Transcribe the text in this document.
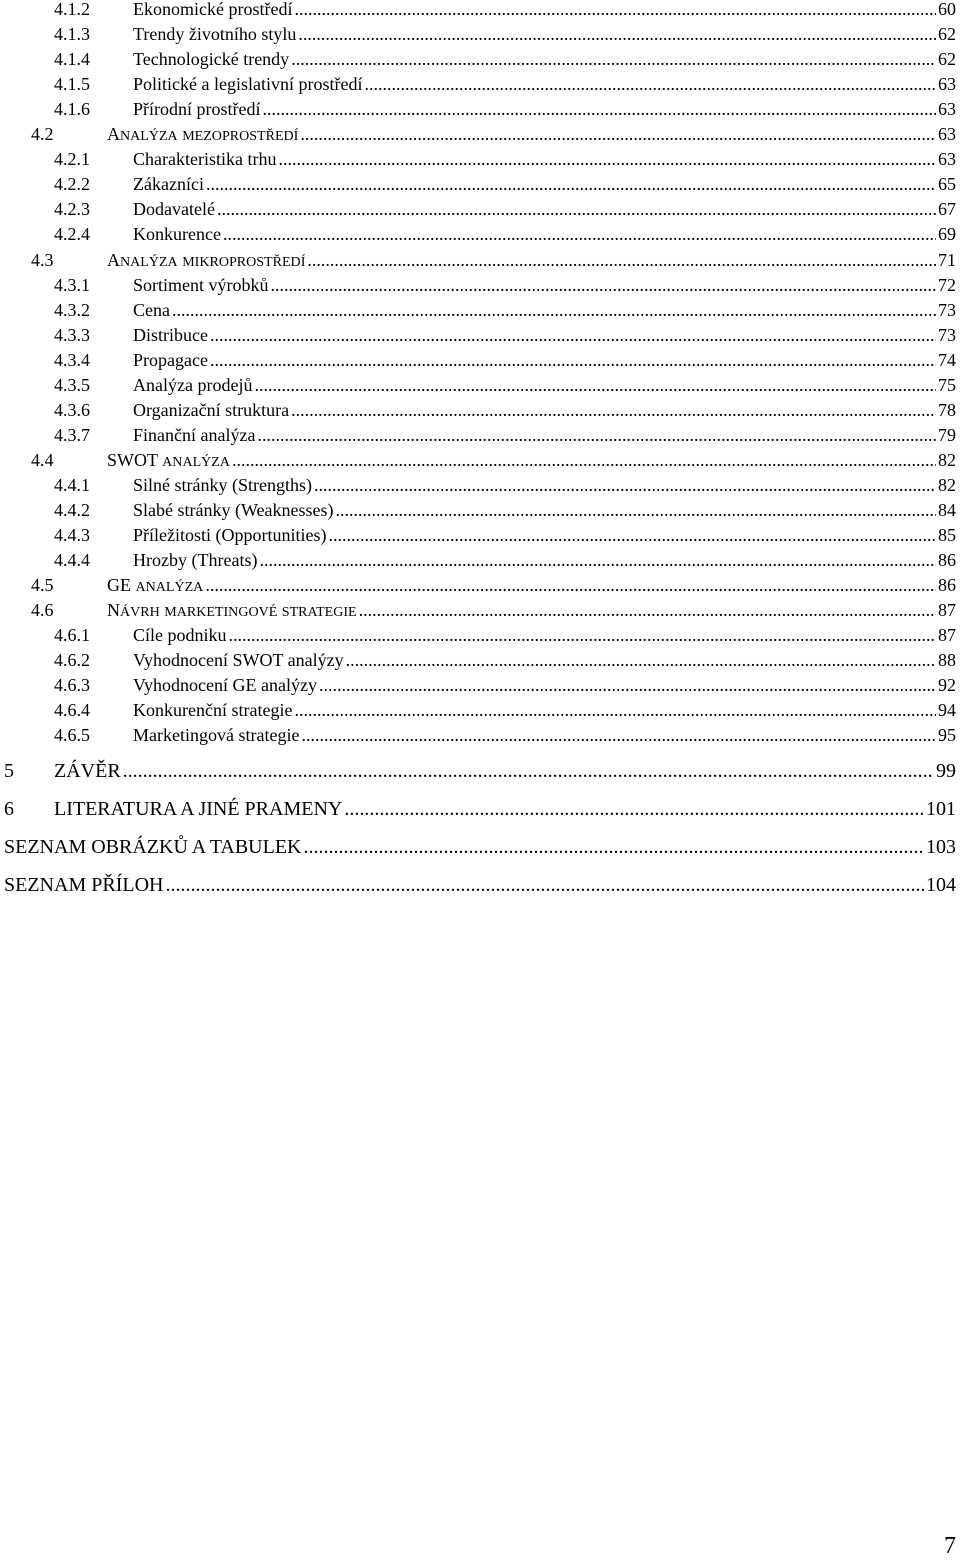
4.1.2	Ekonomické prostředí .....	60
4.1.3	Trendy životního stylu .....	62
4.1.4	Technologické trendy .....	62
4.1.5	Politické a legislativní prostředí .....	63
4.1.6	Přírodní prostředí .....	63
4.2	ANALÝZA MEZOPROSTŘEDÍ .....	63
4.2.1	Charakteristika trhu .....	63
4.2.2	Zákazníci .....	65
4.2.3	Dodavatelé .....	67
4.2.4	Konkurence .....	69
4.3	ANALÝZA MIKROPROSTŘEDÍ .....	71
4.3.1	Sortiment výrobků .....	72
4.3.2	Cena .....	73
4.3.3	Distribuce .....	73
4.3.4	Propagace .....	74
4.3.5	Analýza prodejů .....	75
4.3.6	Organizační struktura .....	78
4.3.7	Finanční analýza .....	79
4.4	SWOT ANALÝZA .....	82
4.4.1	Silné stránky (Strengths) .....	82
4.4.2	Slabé stránky (Weaknesses) .....	84
4.4.3	Příležitosti (Opportunities) .....	85
4.4.4	Hrozby (Threats) .....	86
4.5	GE ANALÝZA .....	86
4.6	NÁVRH MARKETINGOVÉ STRATEGIE .....	87
4.6.1	Cíle podniku .....	87
4.6.2	Vyhodnocení SWOT analýzy .....	88
4.6.3	Vyhodnocení GE analýzy .....	92
4.6.4	Konkurenční strategie .....	94
4.6.5	Marketingová strategie .....	95
5	ZÁVĚR .....	99
6	LITERATURA A JINÉ PRAMENY .....	101
SEZNAM OBRÁZKŮ A TABULEK .....	103
SEZNAM PŘÍLOH .....	104
7
